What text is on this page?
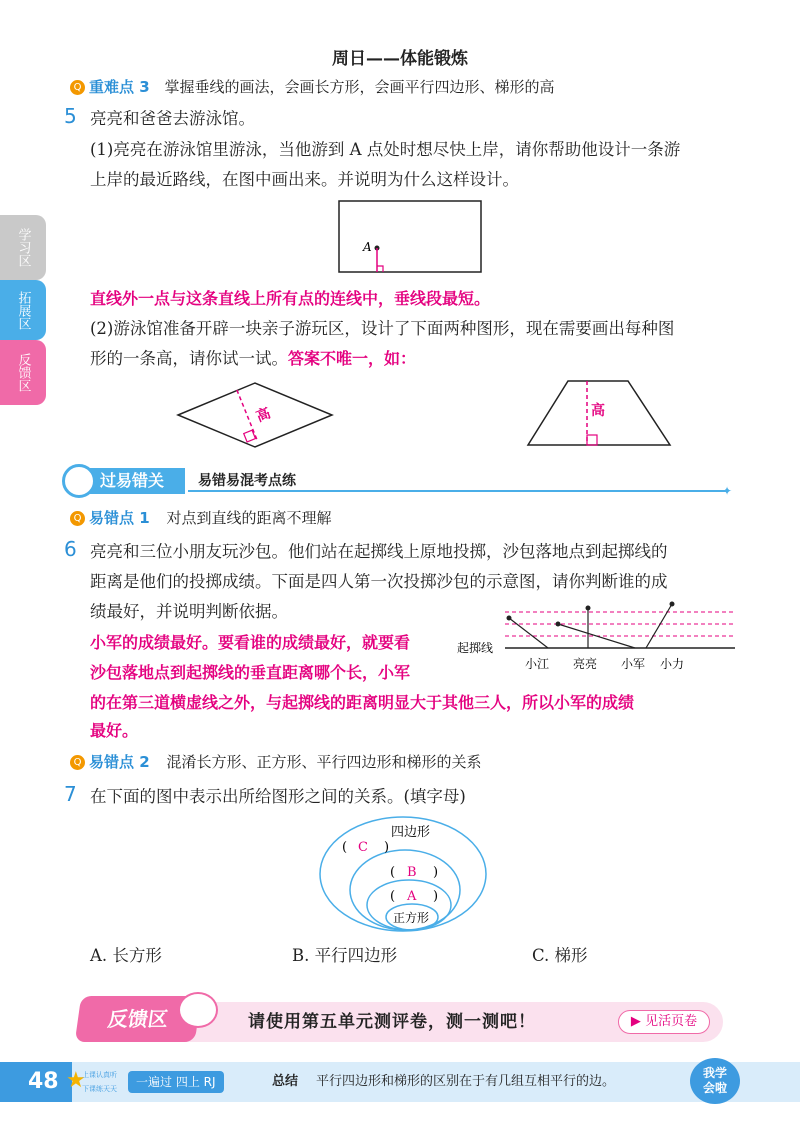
周日——体能锻炼
Q 重难点 3 掌握垂线的画法，会画长方形，会画平行四边形、梯形的高
学习区
拓展区
反馈区
5 亮亮和爸爸去游泳馆。
(1)亮亮在游泳馆里游泳，当他游到 A 点处时想尽快上岸，请你帮助他设计一条游
上岸的最近路线，在图中画出来。并说明为什么这样设计。
A
直线外一点与这条直线上所有点的连线中，垂线段最短。
(2)游泳馆准备开辟一块亲子游玩区，设计了下面两种图形，现在需要画出每种图
形的一条高，请你试一试。答案不唯一，如：
高	高
过易错关	易错易混考点练
✦
Q 易错点 1 对点到直线的距离不理解
6 亮亮和三位小朋友玩沙包。他们站在起掷线上原地投掷，沙包落地点到起掷线的
距离是他们的投掷成绩。下面是四人第一次投掷沙包的示意图，请你判断谁的成
绩最好，并说明判断依据。
小军的成绩最好。要看谁的成绩最好，就要看
沙包落地点到起掷线的垂直距离哪个长，小军
的在第三道横虚线之外，与起掷线的距离明显大于其他三人，所以小军的成绩
最好。
起掷线
小江 亮亮 小军 小力
Q 易错点 2 混淆长方形、正方形、平行四边形和梯形的关系
7 在下面的图中表示出所给图形之间的关系。(填字母)
四边形
( C )
( B )
( A )
正方形
A. 长方形	B. 平行四边形	C. 梯形
反馈区	请使用第五单元测评卷，测一测吧！	▶ 见活页卷
48 ★
上课认真听
下课练天天	一遍过 四上 RJ	总结 平行四边形和梯形的区别在于有几组互相平行的边。
我学
会啦
